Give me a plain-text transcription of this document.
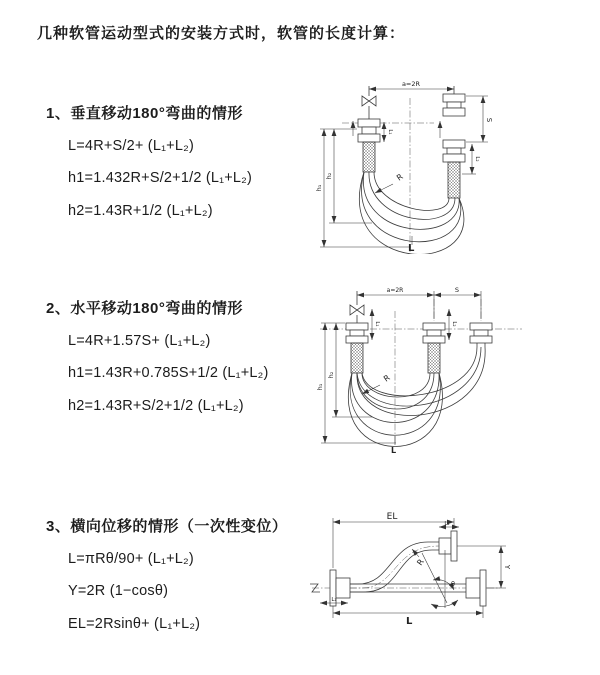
几种软管运动型式的安装方式时，软管的长度计算：
1、垂直移动180°弯曲的情形
L=4R+S/2+ (L₁+L₂)
h1=1.432R+S/2+1/2 (L₁+L₂)
h2=1.43R+1/2 (L₁+L₂)
a=2R
S
L₂
L₁
h₁
h₂	R
L
2、水平移动180°弯曲的情形
L=4R+1.57S+ (L₁+L₂)
h1=1.43R+0.785S+1/2 (L₁+L₂)
h2=1.43R+S/2+1/2 (L₁+L₂)
a=2R	S
L₁	L₂
h₁
h₂	R
L
3、横向位移的情形（一次性变位）
L=πRθ/90+ (L₁+L₂)
Y=2R (1−cosθ)
EL=2Rsinθ+ (L₁+L₂)
θ
EL
L₂
Y
L
L₁
R
